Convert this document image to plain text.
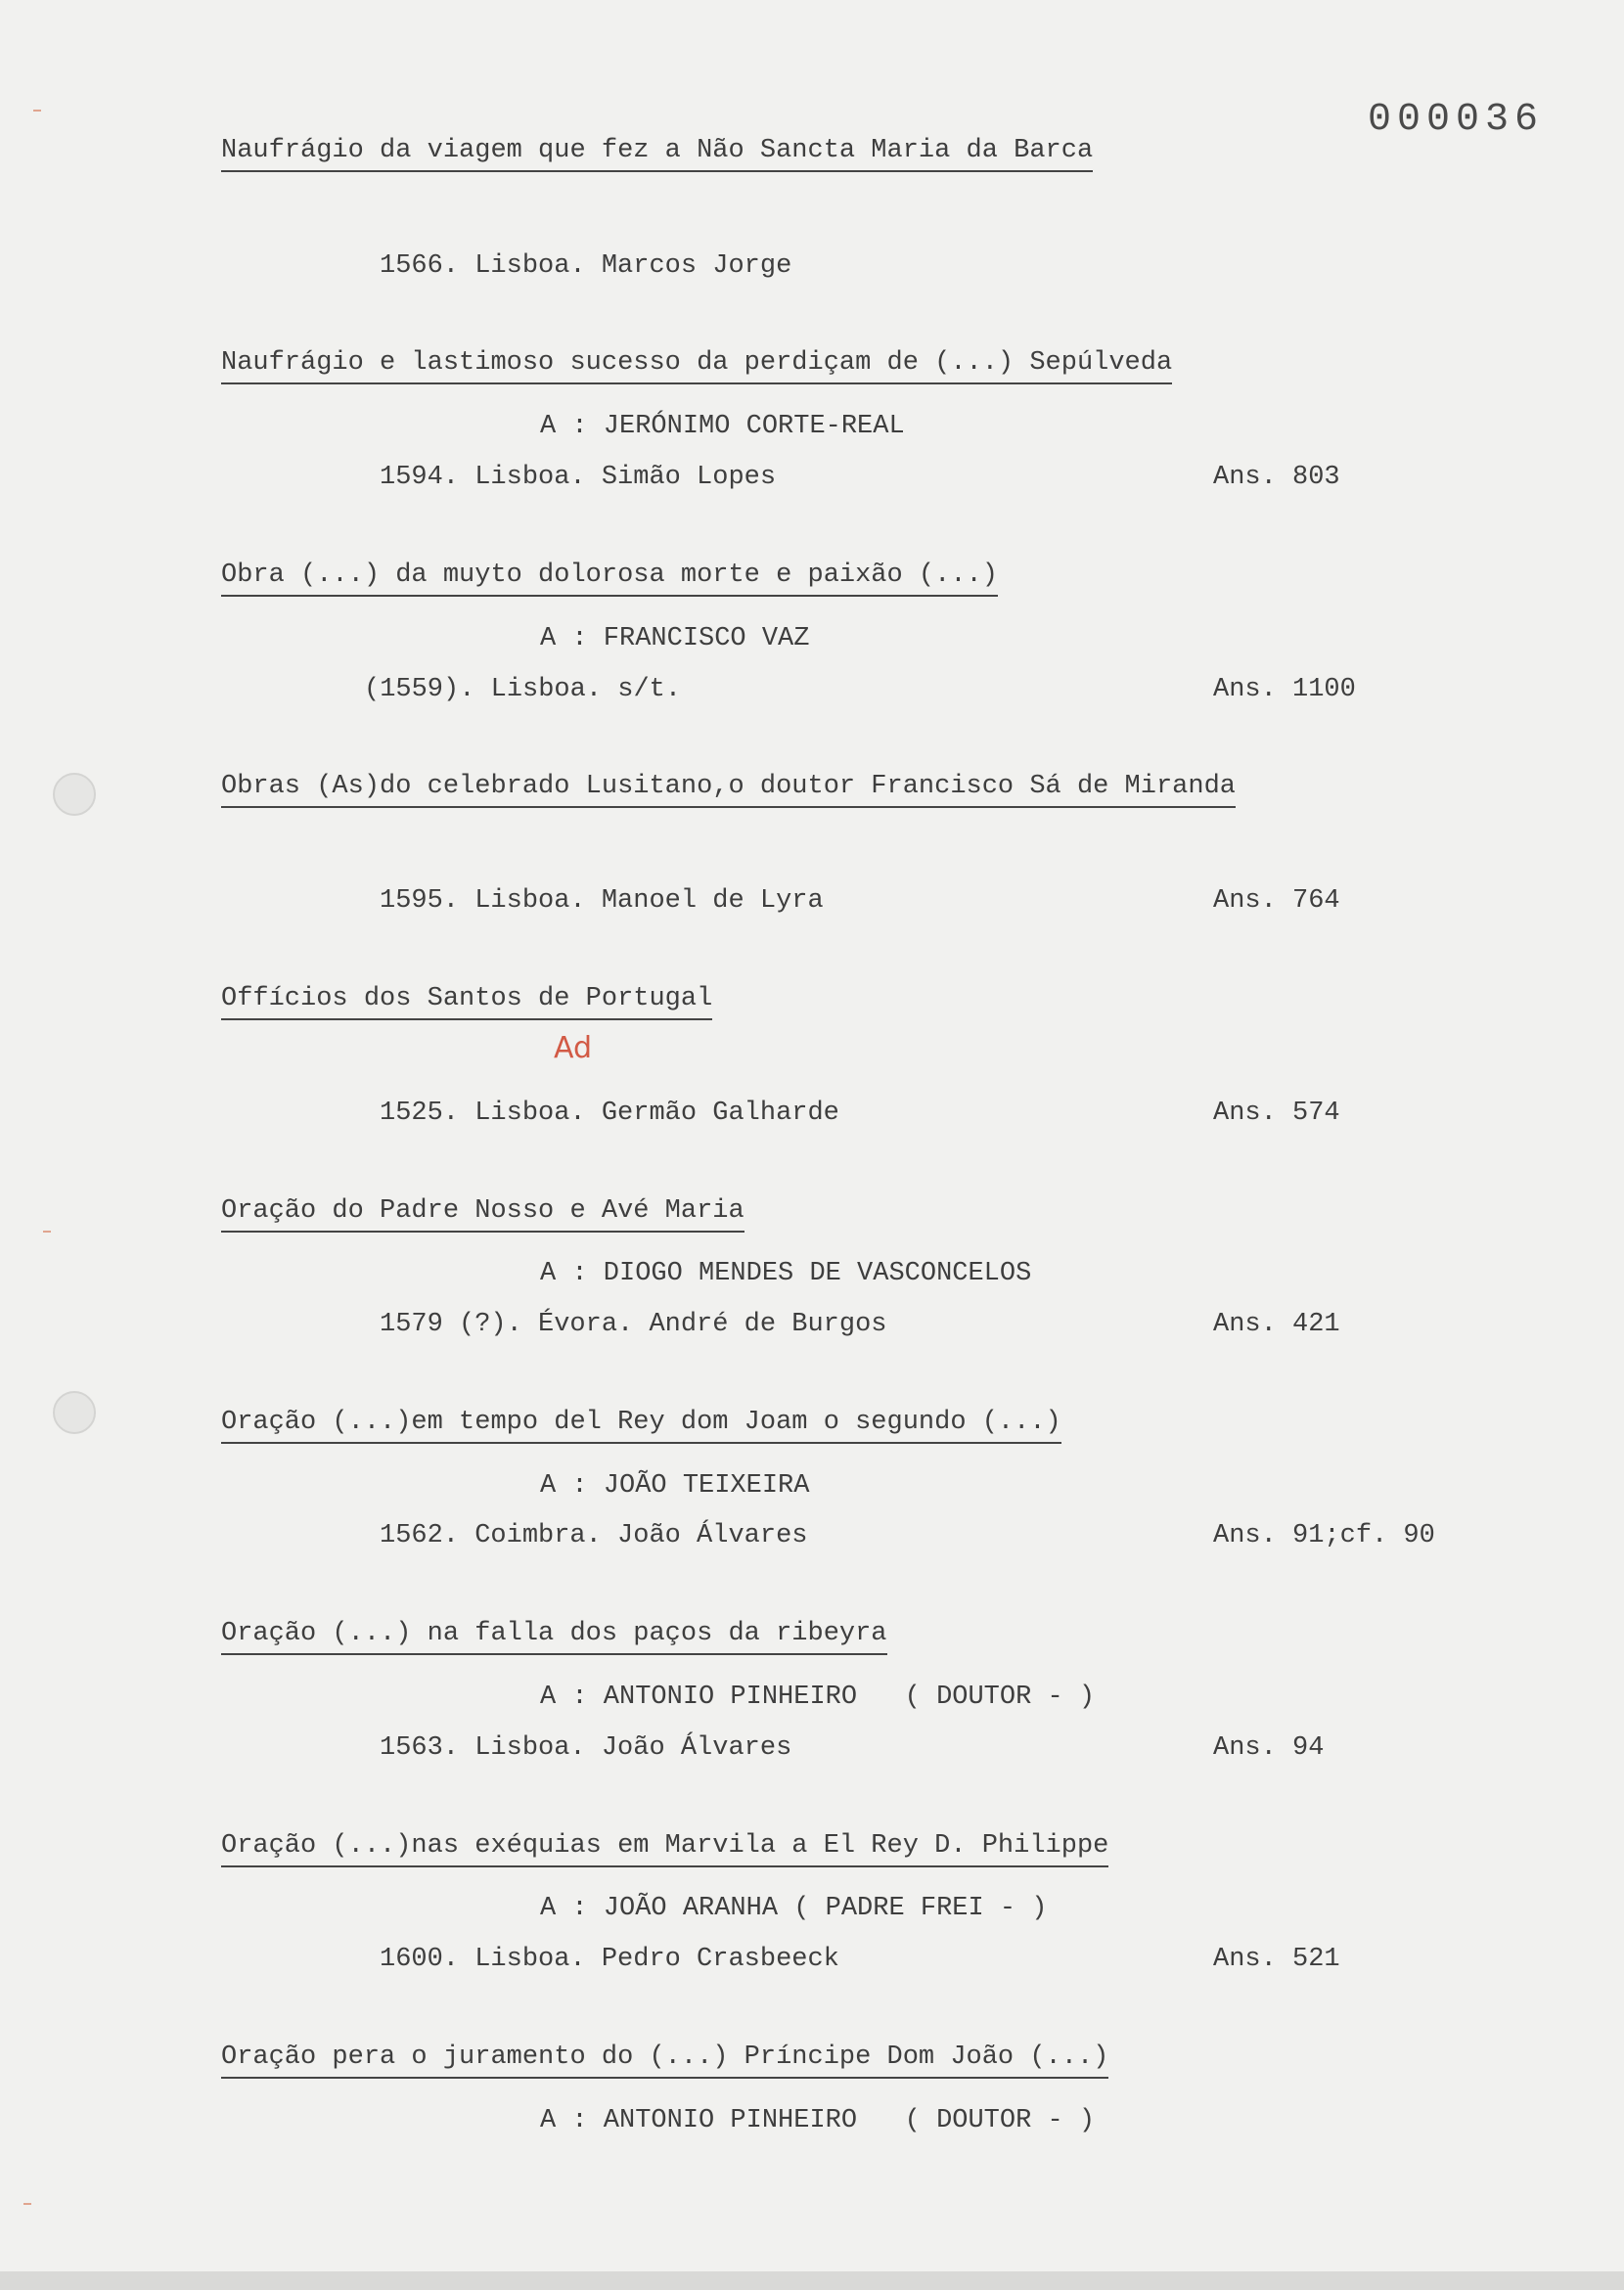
000036
Naufrágio da viagem que fez a Não Sancta Maria da Barca
1566. Lisboa. Marcos Jorge
Naufrágio e lastimoso sucesso da perdiçam de (...) Sepúlveda
A : JERÓNIMO CORTE-REAL
1594. Lisboa. Simão Lopes	Ans. 803
Obra (...) da muyto dolorosa morte e paixão (...)
A : FRANCISCO VAZ
(1559). Lisboa. s/t.	Ans. 1100
Obras (As)do celebrado Lusitano,o doutor Francisco Sá de Miranda
1595. Lisboa. Manoel de Lyra	Ans. 764
Offícios dos Santos de Portugal
Ad
1525. Lisboa. Germão Galharde	Ans. 574
Oração do Padre Nosso e Avé Maria
A : DIOGO MENDES DE VASCONCELOS
1579 (?). Évora. André de Burgos	Ans. 421
Oração (...)em tempo del Rey dom Joam o segundo (...)
A : JOÃO TEIXEIRA
1562. Coimbra. João Álvares	Ans. 91;cf. 90
Oração (...) na falla dos paços da ribeyra
A : ANTONIO PINHEIRO   ( DOUTOR - )
1563. Lisboa. João Álvares	Ans. 94
Oração (...)nas exéquias em Marvila a El Rey D. Philippe
A : JOÃO ARANHA ( PADRE FREI - )
1600. Lisboa. Pedro Crasbeeck	Ans. 521
Oração pera o juramento do (...) Príncipe Dom João (...)
A : ANTONIO PINHEIRO   ( DOUTOR - )
